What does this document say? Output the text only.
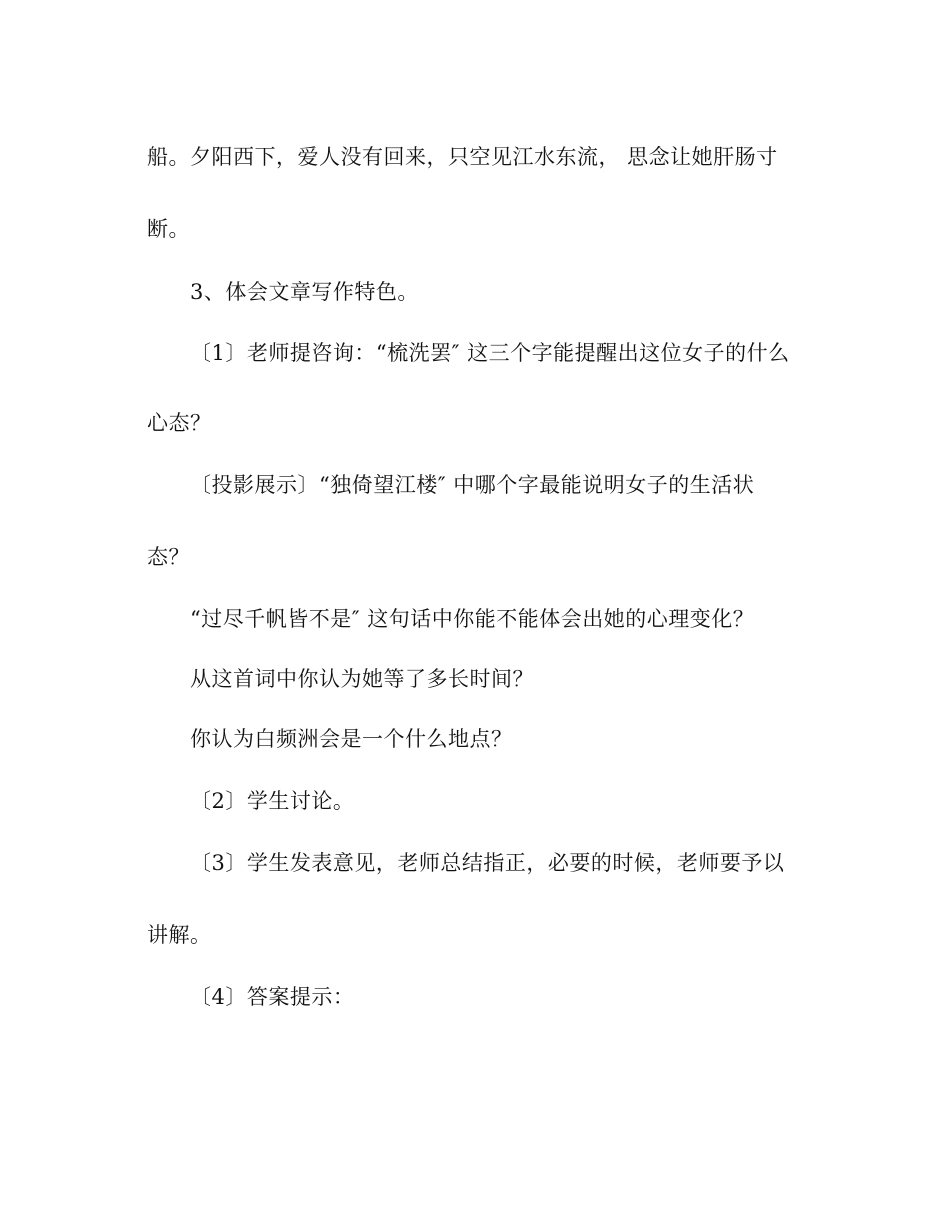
船。夕阳西下，爱人没有回来，只空见江水东流， 思念让她肝肠寸
断。
3、体会文章写作特色。
〔1〕老师提咨询：“梳洗罢″ 这三个字能提醒出这位女子的什么
心态？
〔投影展示〕“独倚望江楼″ 中哪个字最能说明女子的生活状
态？
“过尽千帆皆不是″ 这句话中你能不能体会出她的心理变化？
从这首词中你认为她等了多长时间？
你认为白频洲会是一个什么地点？
〔2〕学生讨论。
〔3〕学生发表意见，老师总结指正，必要的时候，老师要予以
讲解。
〔4〕答案提示：
